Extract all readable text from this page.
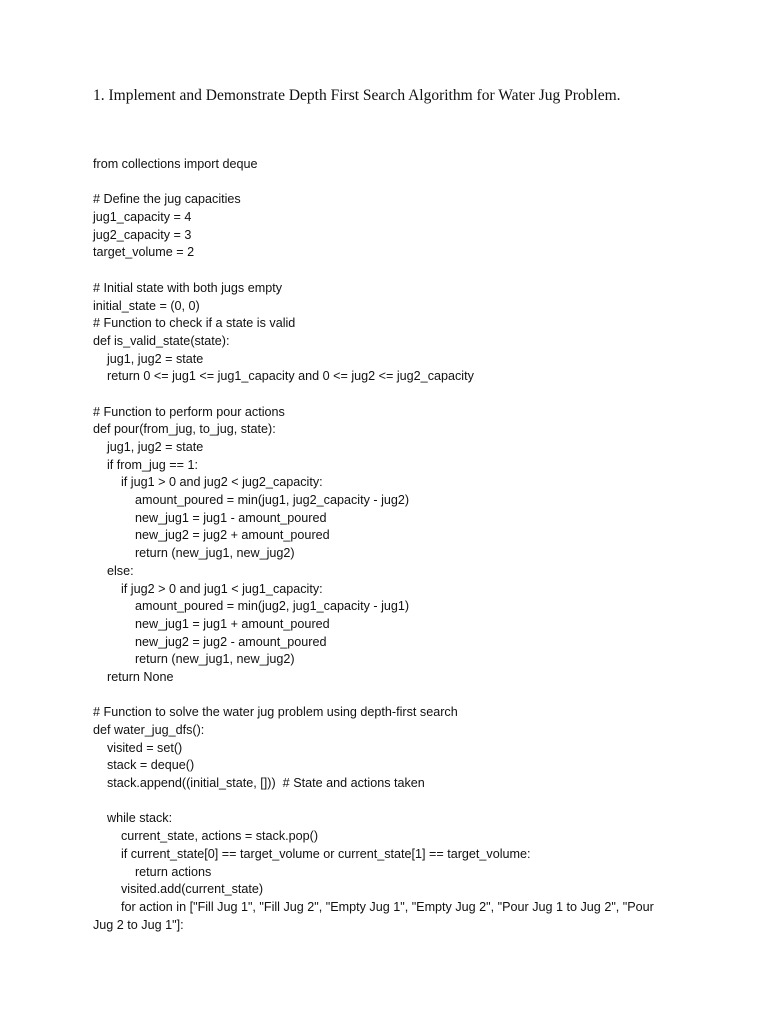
1. Implement and Demonstrate Depth First Search Algorithm for Water Jug Problem.
from collections import deque
# Define the jug capacities
jug1_capacity = 4
jug2_capacity = 3
target_volume = 2
# Initial state with both jugs empty
initial_state = (0, 0)
# Function to check if a state is valid
def is_valid_state(state):
jug1, jug2 = state
return 0 <= jug1 <= jug1_capacity and 0 <= jug2 <= jug2_capacity
# Function to perform pour actions
def pour(from_jug, to_jug, state):
jug1, jug2 = state
if from_jug == 1:
if jug1 > 0 and jug2 < jug2_capacity:
amount_poured = min(jug1, jug2_capacity - jug2)
new_jug1 = jug1 - amount_poured
new_jug2 = jug2 + amount_poured
return (new_jug1, new_jug2)
else:
if jug2 > 0 and jug1 < jug1_capacity:
amount_poured = min(jug2, jug1_capacity - jug1)
new_jug1 = jug1 + amount_poured
new_jug2 = jug2 - amount_poured
return (new_jug1, new_jug2)
return None
# Function to solve the water jug problem using depth-first search
def water_jug_dfs():
visited = set()
stack = deque()
stack.append((initial_state, []))  # State and actions taken
while stack:
current_state, actions = stack.pop()
if current_state[0] == target_volume or current_state[1] == target_volume:
return actions
visited.add(current_state)
for action in ["Fill Jug 1", "Fill Jug 2", "Empty Jug 1", "Empty Jug 2", "Pour Jug 1 to Jug 2", "Pour
Jug 2 to Jug 1"]:
